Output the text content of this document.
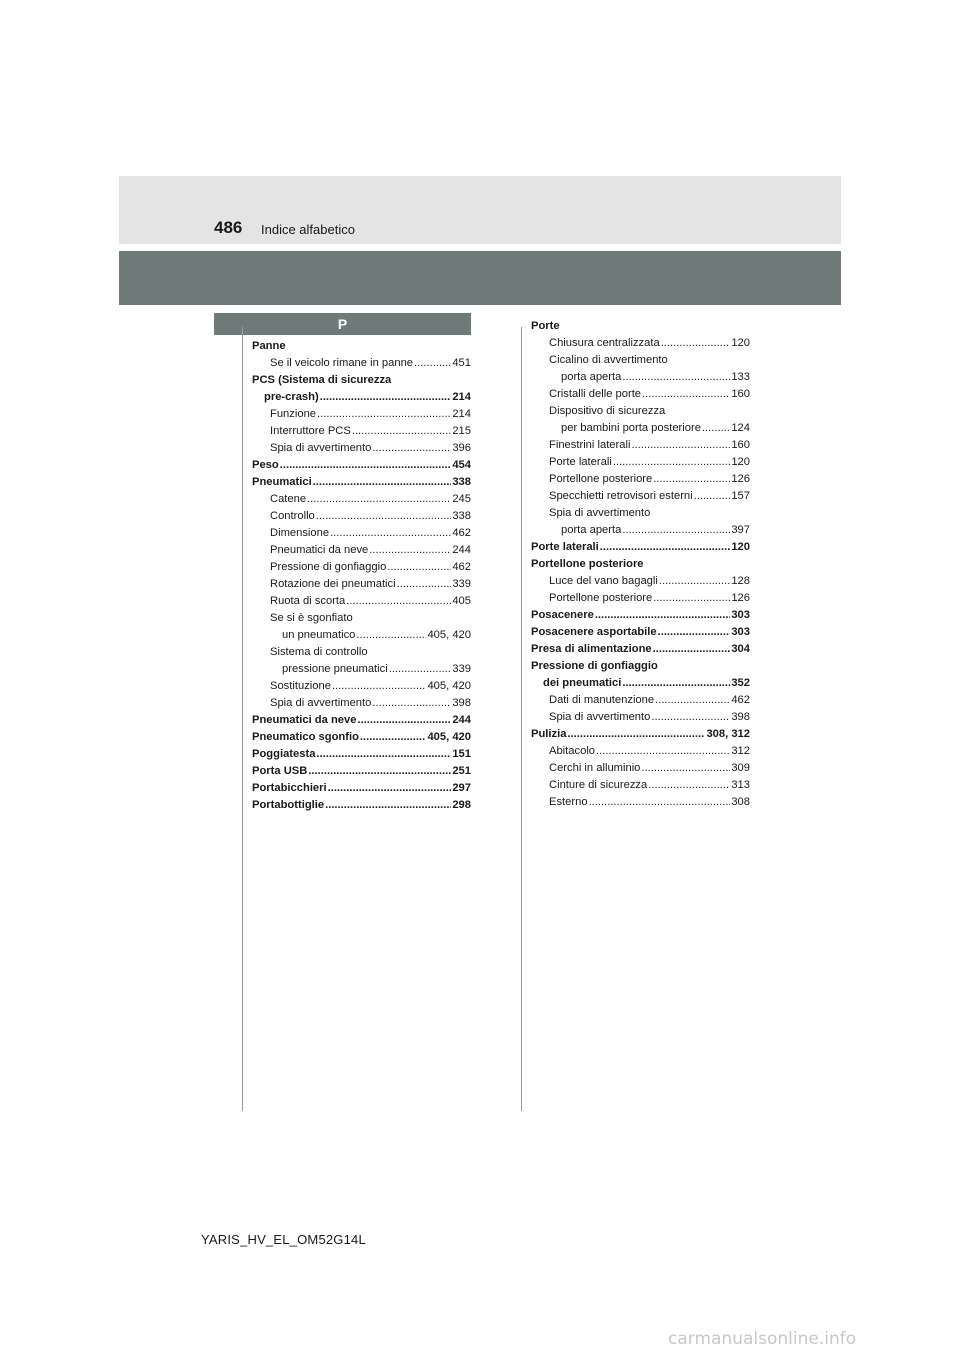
486 Indice alfabetico
P
Panne
Se il veicolo rimane in panne .....	451
PCS (Sistema di sicurezza
pre-crash) .....	214
Funzione .....	214
Interruttore PCS .....	215
Spia di avvertimento .....	396
Peso .....	454
Pneumatici .....	338
Catene .....	245
Controllo .....	338
Dimensione .....	462
Pneumatici da neve .....	244
Pressione di gonfiaggio .....	462
Rotazione dei pneumatici .....	339
Ruota di scorta .....	405
Se si è sgonfiato
un pneumatico .....	405, 420
Sistema di controllo
pressione pneumatici .....	339
Sostituzione .....	405, 420
Spia di avvertimento .....	398
Pneumatici da neve .....	244
Pneumatico sgonfio .....	405, 420
Poggiatesta .....	151
Porta USB .....	251
Portabicchieri .....	297
Portabottiglie .....	298
Porte
Chiusura centralizzata .....	120
Cicalino di avvertimento
porta aperta .....	133
Cristalli delle porte .....	160
Dispositivo di sicurezza
per bambini porta posteriore .....	124
Finestrini laterali .....	160
Porte laterali .....	120
Portellone posteriore .....	126
Specchietti retrovisori esterni .....	157
Spia di avvertimento
porta aperta .....	397
Porte laterali .....	120
Portellone posteriore
Luce del vano bagagli .....	128
Portellone posteriore .....	126
Posacenere .....	303
Posacenere asportabile .....	303
Presa di alimentazione .....	304
Pressione di gonfiaggio
dei pneumatici .....	352
Dati di manutenzione .....	462
Spia di avvertimento .....	398
Pulizia .....	308, 312
Abitacolo .....	312
Cerchi in alluminio .....	309
Cinture di sicurezza .....	313
Esterno .....	308
YARIS_HV_EL_OM52G14L
carmanualsonline.info
